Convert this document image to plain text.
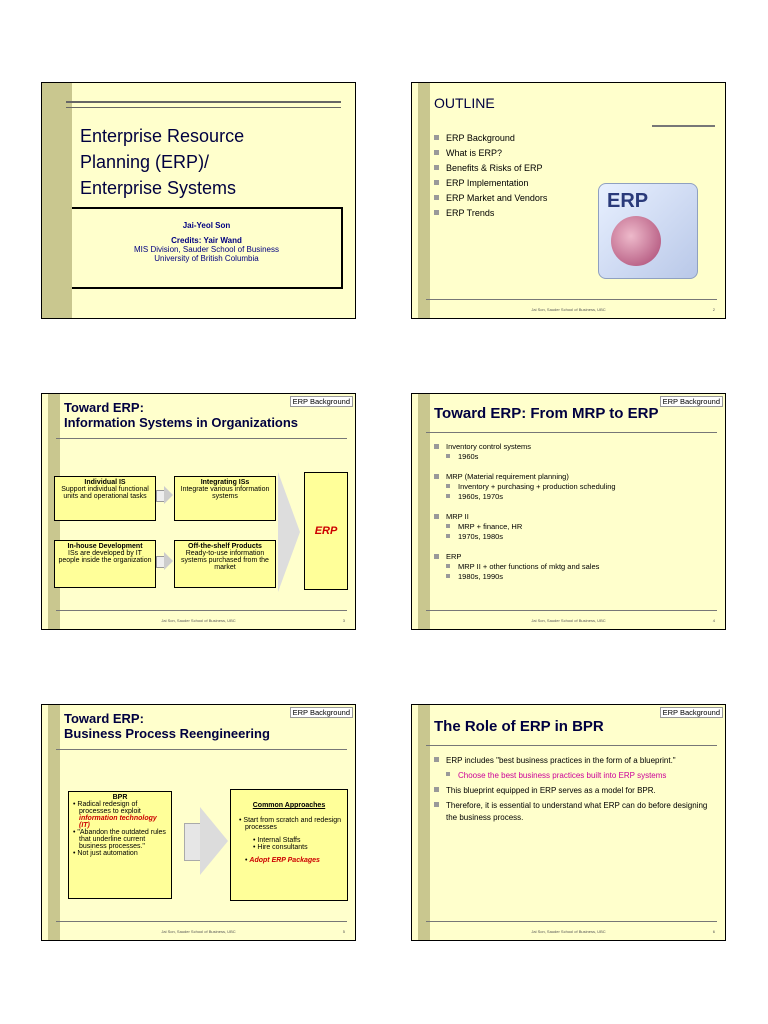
Enterprise Resource
Planning (ERP)/
Enterprise Systems
Jai-Yeol Son
Credits: Yair Wand
MIS Division, Sauder School of Business
University of British Columbia
OUTLINE
ERP Background
What is ERP?
Benefits & Risks of ERP
ERP Implementation
ERP Market and Vendors
ERP Trends
ERP
Jai Son, Sauder School of Business, UBC	2
ERP Background
Toward ERP:
Information Systems in Organizations
Individual IS
Support individual functional units and operational tasks
Integrating ISs
Integrate various information systems
In-house Development
ISs are developed by IT people inside the organization
Off-the-shelf Products
Ready-to-use information systems purchased from the market
ERP
Jai Son, Sauder School of Business, UBC	3
ERP Background
Toward ERP: From MRP to ERP
Inventory control systems
1960s
MRP (Material requirement planning)
Inventory + purchasing + production scheduling
1960s, 1970s
MRP II
MRP + finance, HR
1970s, 1980s
ERP
MRP II + other functions of mktg and sales
1980s, 1990s
Jai Son, Sauder School of Business, UBC	4
ERP Background
Toward ERP:
Business Process Reengineering
BPR
• Radical redesign of processes to exploit information technology (IT)
• "Abandon the outdated rules that underline current business processes."
• Not just automation
Common Approaches
• Start from scratch and redesign processes
• Internal Staffs
• Hire consultants
• Adopt ERP Packages
Jai Son, Sauder School of Business, UBC	5
ERP Background
The Role of ERP in BPR
ERP includes "best business practices in the form of a blueprint."
Choose the best business practices built into ERP systems
This blueprint equipped in ERP serves as a model for BPR.
Therefore, it is essential to understand what ERP can do before designing the business process.
Jai Son, Sauder School of Business, UBC	6
